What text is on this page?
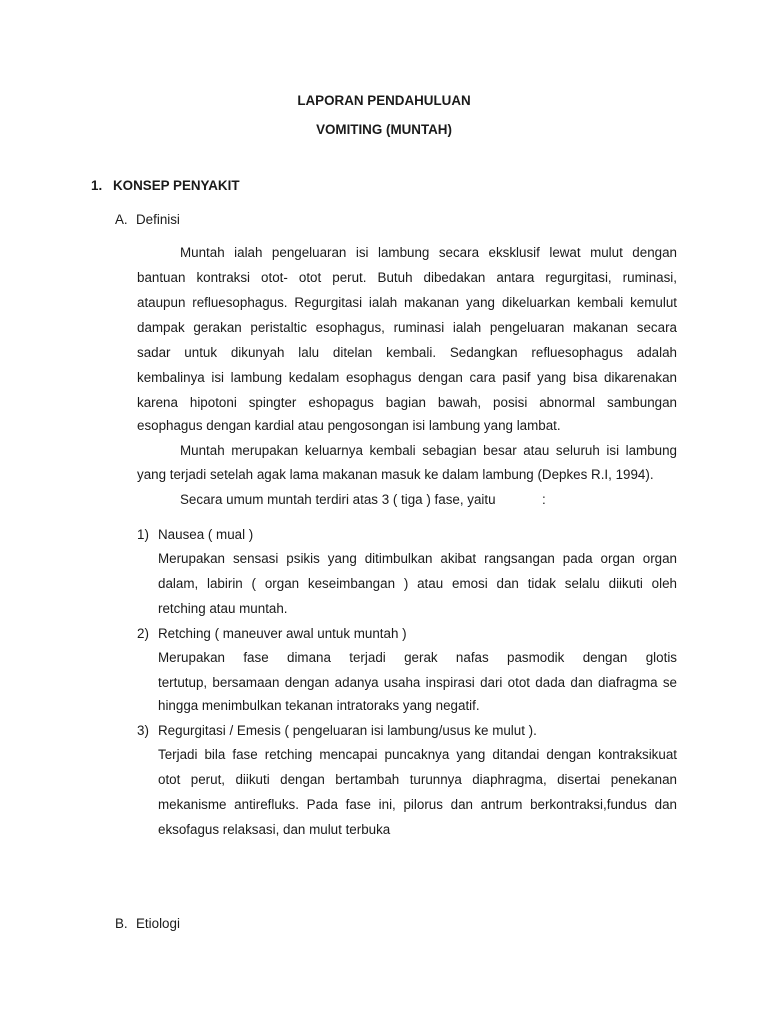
LAPORAN PENDAHULUAN
VOMITING (MUNTAH)
1. KONSEP PENYAKIT
A. Definisi
Muntah ialah pengeluaran isi lambung secara eksklusif lewat mulut dengan
bantuan kontraksi otot- otot perut. Butuh dibedakan antara regurgitasi, ruminasi,
ataupun refluesophagus. Regurgitasi ialah makanan yang dikeluarkan kembali kemulut
dampak gerakan peristaltic esophagus, ruminasi ialah pengeluaran makanan secara
sadar untuk dikunyah lalu ditelan kembali. Sedangkan refluesophagus adalah
kembalinya isi lambung kedalam esophagus dengan cara pasif yang bisa dikarenakan
karena hipotoni spingter eshopagus bagian bawah, posisi abnormal sambungan
esophagus dengan kardial atau pengosongan isi lambung yang lambat.
Muntah merupakan keluarnya kembali sebagian besar atau seluruh isi lambung
yang terjadi setelah agak lama makanan masuk ke dalam lambung (Depkes R.I, 1994).
Secara umum muntah terdiri atas 3 ( tiga ) fase, yaitu	:
1) Nausea ( mual )
Merupakan sensasi psikis yang ditimbulkan akibat rangsangan pada organ organ
dalam, labirin ( organ keseimbangan ) atau emosi dan tidak selalu diikuti oleh
retching atau muntah.
2) Retching ( maneuver awal untuk muntah )
Merupakan fase dimana terjadi gerak nafas pasmodik dengan glotis
tertutup, bersamaan dengan adanya usaha inspirasi dari otot dada dan diafragma se
hingga menimbulkan tekanan intratoraks yang negatif.
3) Regurgitasi / Emesis ( pengeluaran isi lambung/usus ke mulut ).
Terjadi bila fase retching mencapai puncaknya yang ditandai dengan kontraksikuat
otot perut, diikuti dengan bertambah turunnya diaphragma, disertai penekanan
mekanisme antirefluks. Pada fase ini, pilorus dan antrum berkontraksi,fundus dan
eksofagus relaksasi, dan mulut terbuka
B. Etiologi
